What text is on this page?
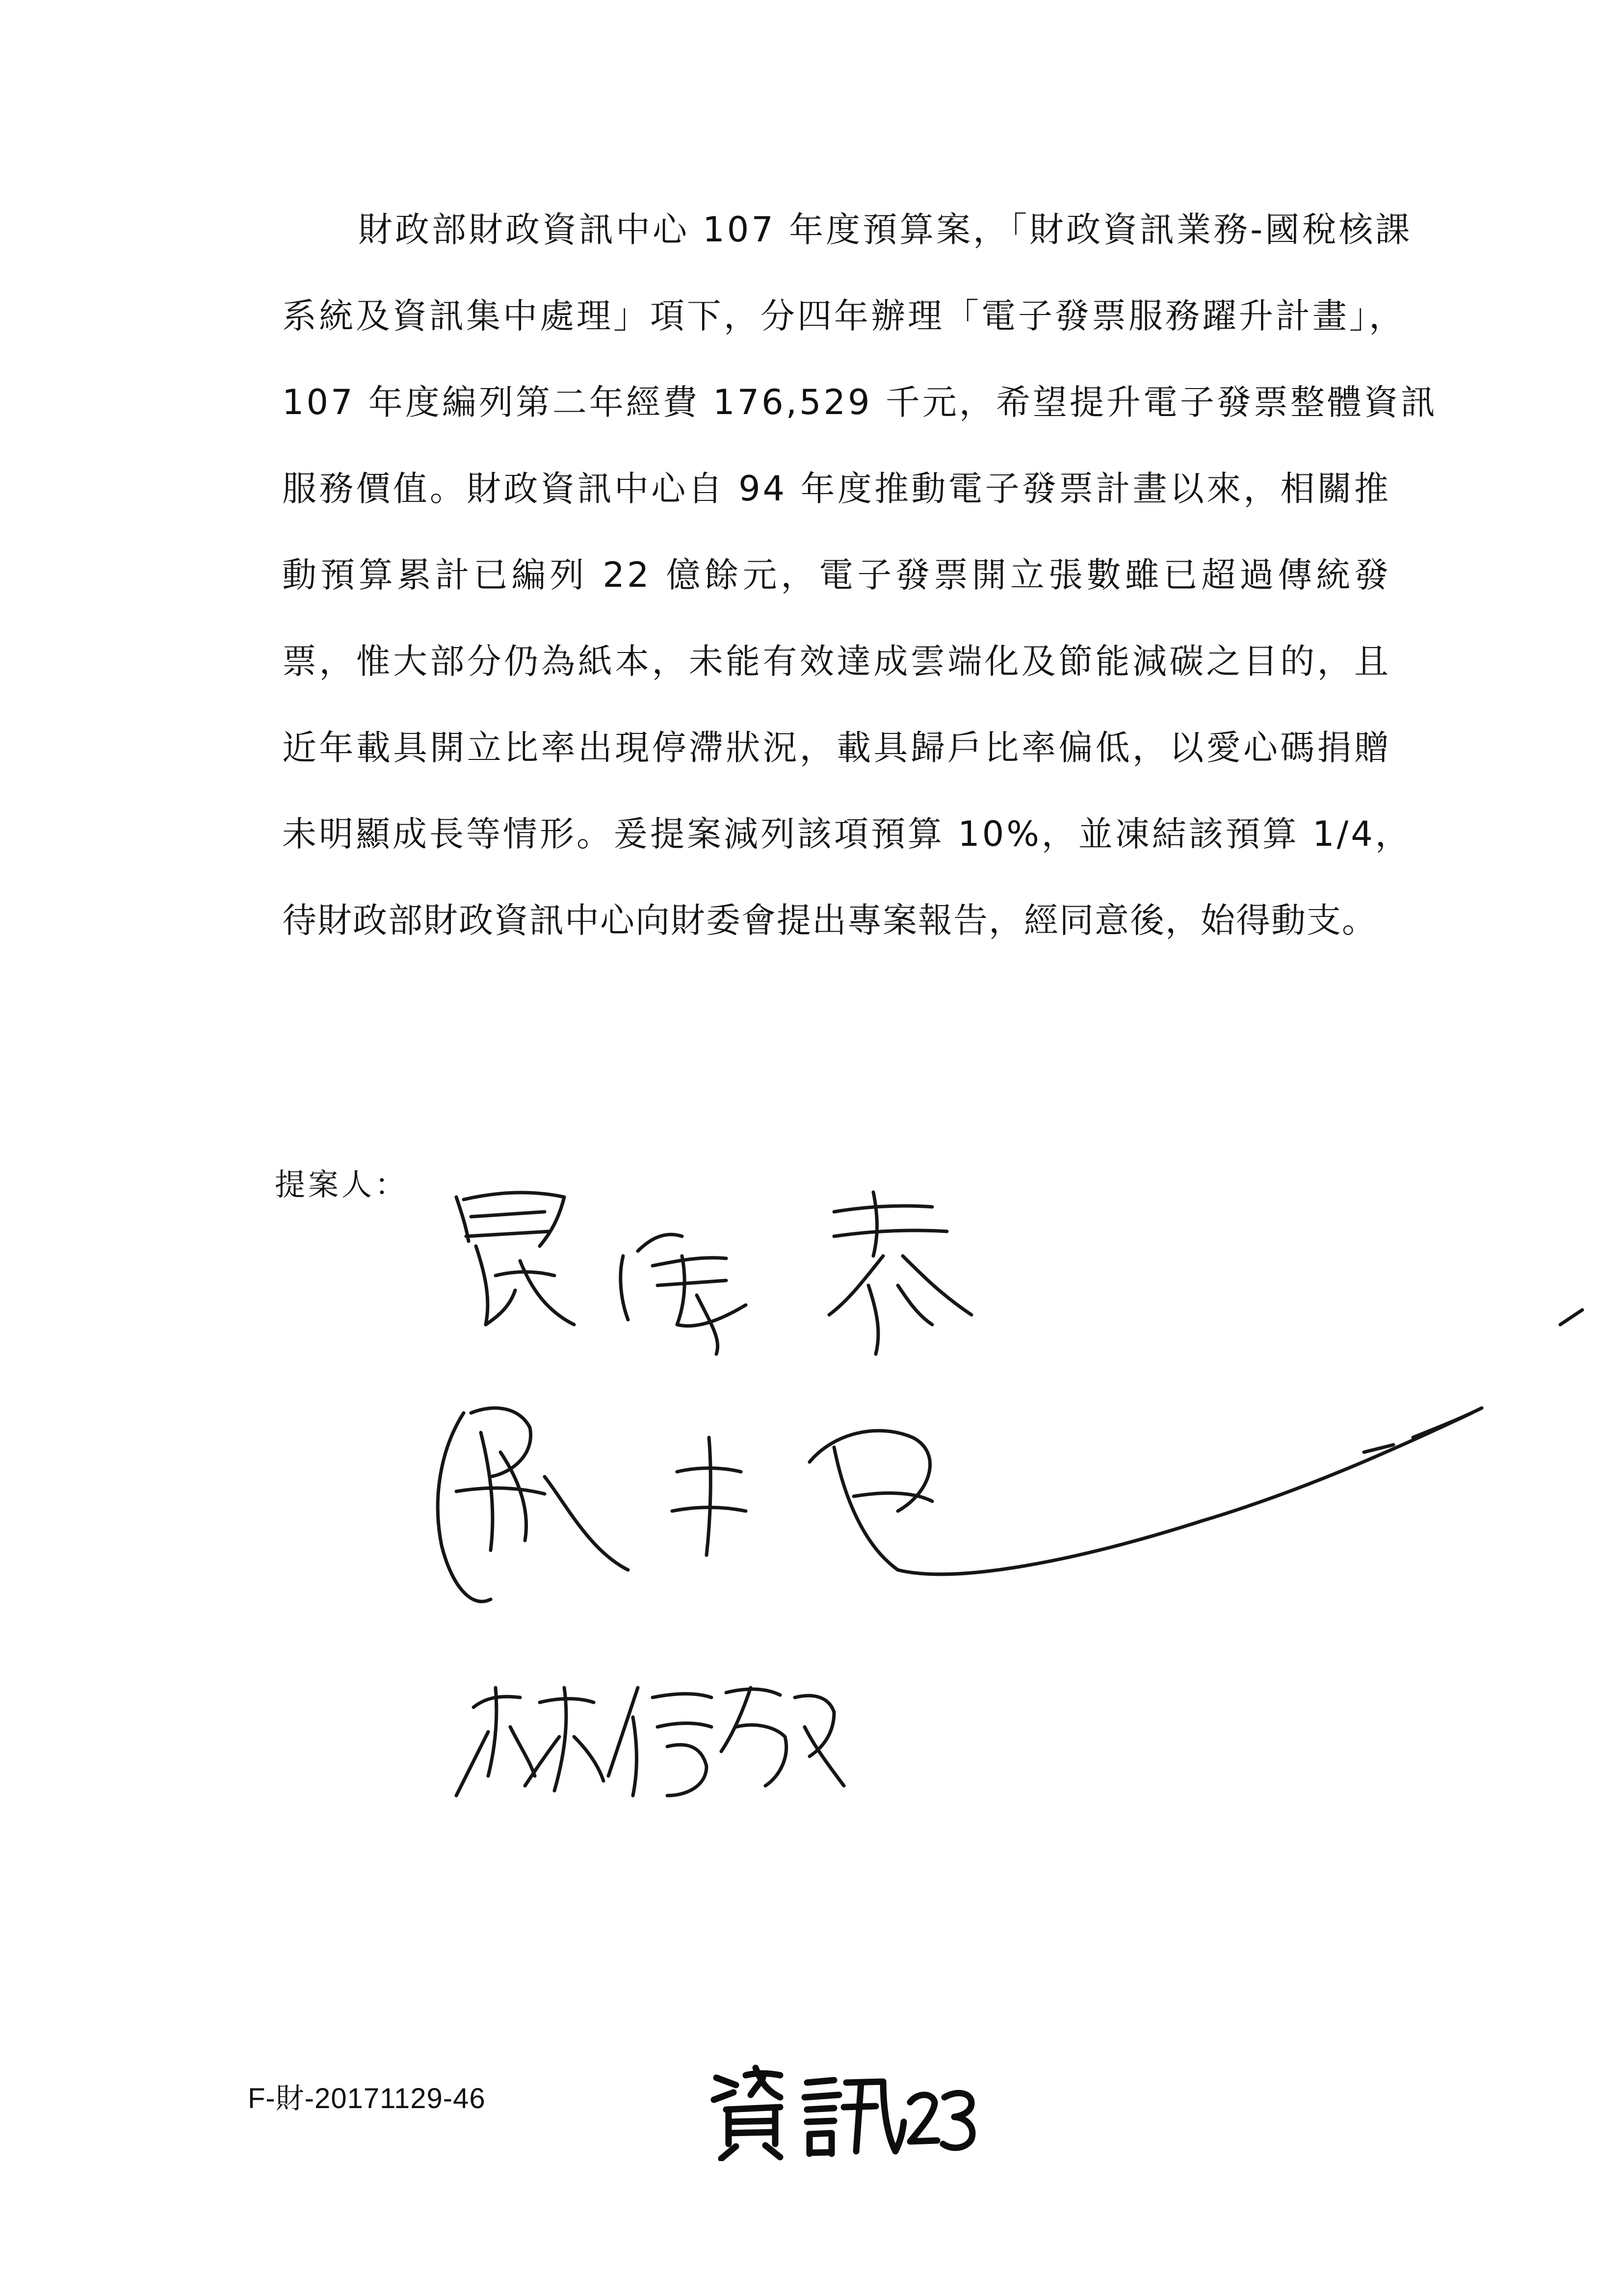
財政部財政資訊中心 107 年度預算案，「財政資訊業務-國稅核課
系統及資訊集中處理」項下，分四年辦理「電子發票服務躍升計畫」，
107 年度編列第二年經費 176,529 千元，希望提升電子發票整體資訊
服務價值。財政資訊中心自 94 年度推動電子發票計畫以來，相關推
動預算累計已編列 22 億餘元，電子發票開立張數雖已超過傳統發
票，惟大部分仍為紙本，未能有效達成雲端化及節能減碳之目的，且
近年載具開立比率出現停滯狀況，載具歸戶比率偏低，以愛心碼捐贈
未明顯成長等情形。爰提案減列該項預算 10%，並凍結該預算 1/4，
待財政部財政資訊中心向財委會提出專案報告，經同意後，始得動支。
提案人：
F-財-20171129-46
